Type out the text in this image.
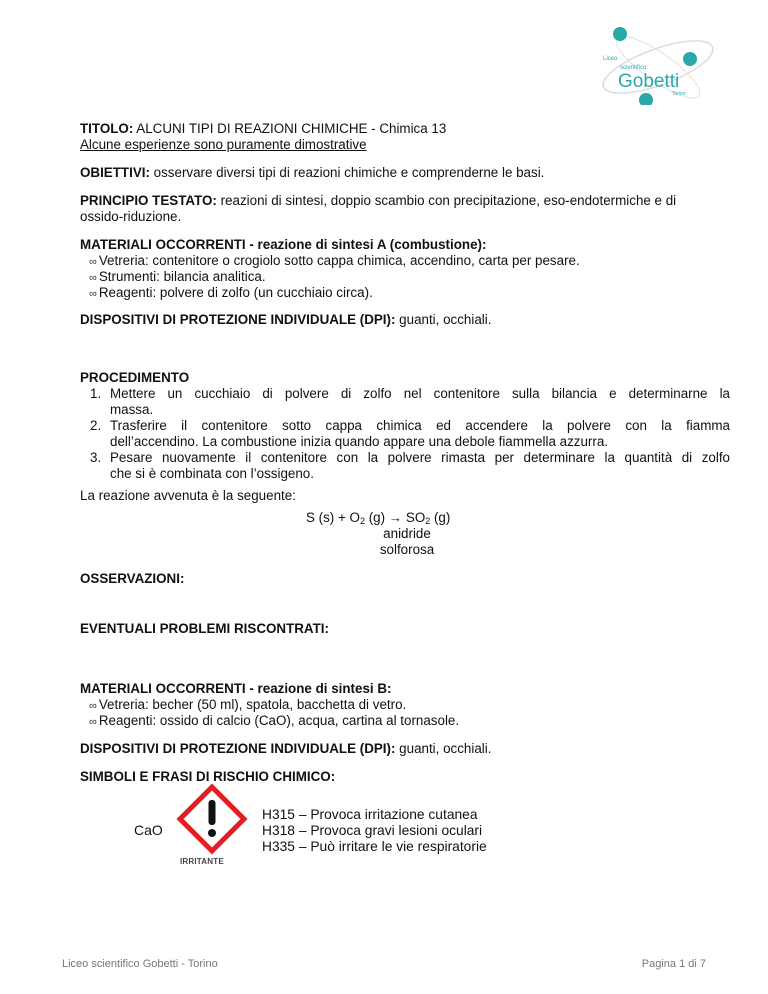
Liceo
scientifico
Gobetti
Torino
TITOLO: ALCUNI TIPI DI REAZIONI CHIMICHE - Chimica 13
Alcune esperienze sono puramente dimostrative
OBIETTIVI: osservare diversi tipi di reazioni chimiche e comprenderne le basi.
PRINCIPIO TESTATO: reazioni di sintesi, doppio scambio con precipitazione, eso-endotermiche e di
ossido-riduzione.
MATERIALI OCCORRENTI - reazione di sintesi A (combustione):
∞ Vetreria: contenitore o crogiolo sotto cappa chimica, accendino, carta per pesare.
∞ Strumenti: bilancia analitica.
∞ Reagenti: polvere di zolfo (un cucchiaio circa).
DISPOSITIVI DI PROTEZIONE INDIVIDUALE (DPI): guanti, occhiali.
PROCEDIMENTO
1. Mettere un cucchiaio di polvere di zolfo nel contenitore sulla bilancia e determinarne la
massa.
2. Trasferire il contenitore sotto cappa chimica ed accendere la polvere con la fiamma
dell’accendino. La combustione inizia quando appare una debole fiammella azzurra.
3. Pesare nuovamente il contenitore con la polvere rimasta per determinare la quantità di zolfo
che si è combinata con l’ossigeno.
La reazione avvenuta è la seguente:
S $(s) + O_2$ $(g) \to SO_2$ (g)
anidride
solforosa
OSSERVAZIONI:
EVENTUALI PROBLEMI RISCONTRATI:
MATERIALI OCCORRENTI - reazione di sintesi B:
∞ Vetreria: becher (50 ml), spatola, bacchetta di vetro.
∞ Reagenti: ossido di calcio (CaO), acqua, cartina al tornasole.
DISPOSITIVI DI PROTEZIONE INDIVIDUALE (DPI): guanti, occhiali.
SIMBOLI E FRASI DI RISCHIO CHIMICO:
CaO
IRRITANTE
H315 – Provoca irritazione cutanea
H318 – Provoca gravi lesioni oculari
H335 – Può irritare le vie respiratorie
Liceo scientifico Gobetti - Torino	Pagina 1 di 7
